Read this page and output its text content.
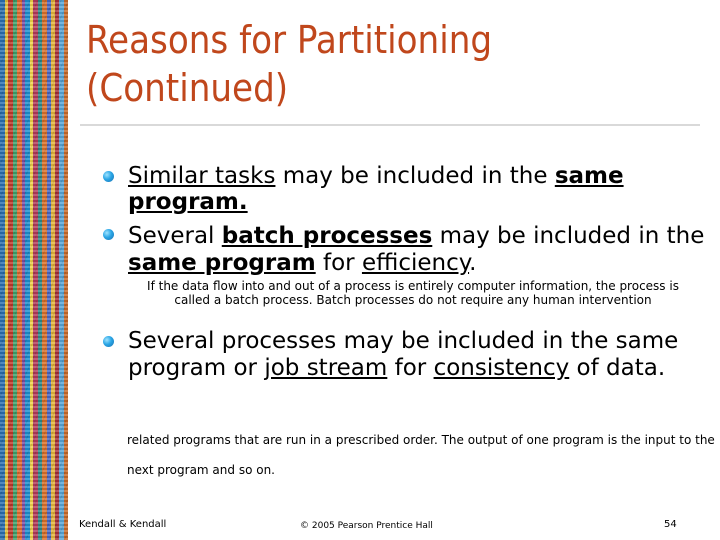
Reasons for Partitioning
(Continued)
Similar tasks may be included in the same program.
Several batch processes may be included in the same program for efficiency.
If the data flow into and out of a process is entirely computer information, the process is called a batch process. Batch processes do not require any human intervention
Several processes may be included in the same program or job stream for consistency of data.
related programs that are run in a prescribed order. The output of one program is the input to the next program and so on.
Kendall & Kendall	© 2005 Pearson Prentice Hall	54
